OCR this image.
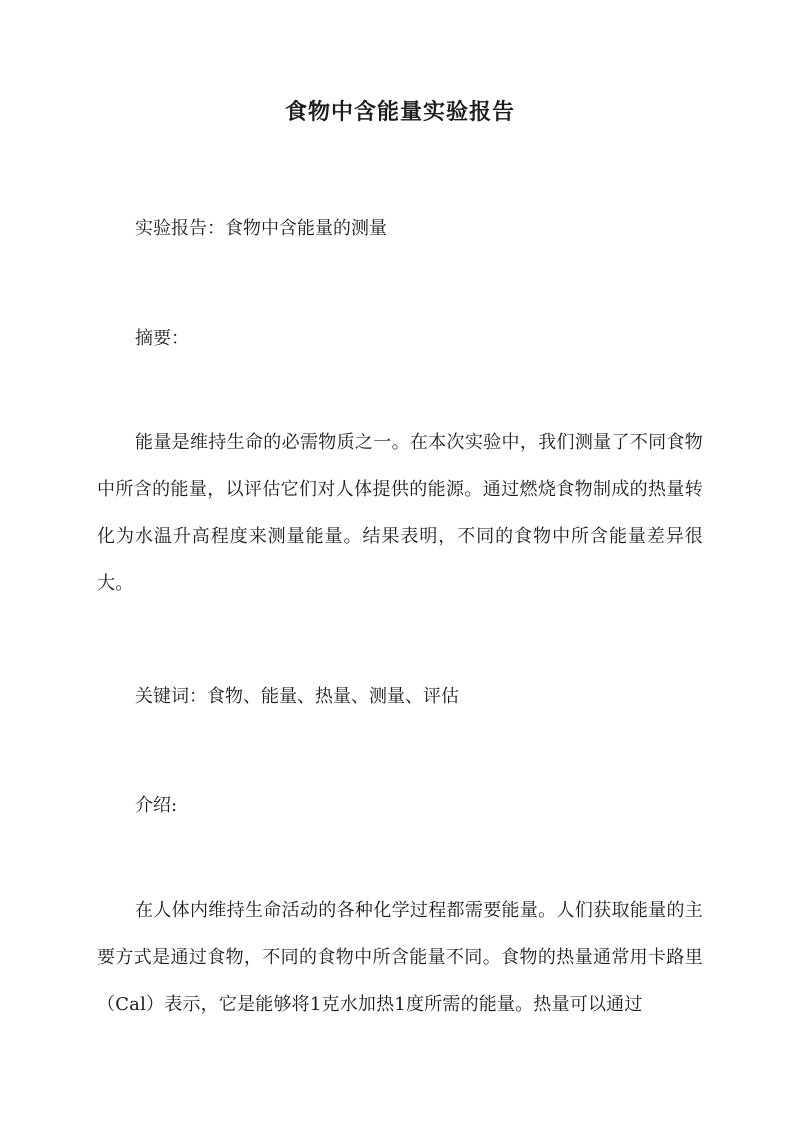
食物中含能量实验报告
实验报告：食物中含能量的测量
摘要：
能量是维持生命的必需物质之一。在本次实验中，我们测量了不同食物中所含的能量，以评估它们对人体提供的能源。通过燃烧食物制成的热量转化为水温升高程度来测量能量。结果表明，不同的食物中所含能量差异很大。
关键词：食物、能量、热量、测量、评估
介绍:
在人体内维持生命活动的各种化学过程都需要能量。人们获取能量的主要方式是通过食物，不同的食物中所含能量不同。食物的热量通常用卡路里（Cal）表示，它是能够将1克水加热1度所需的能量。热量可以通过
